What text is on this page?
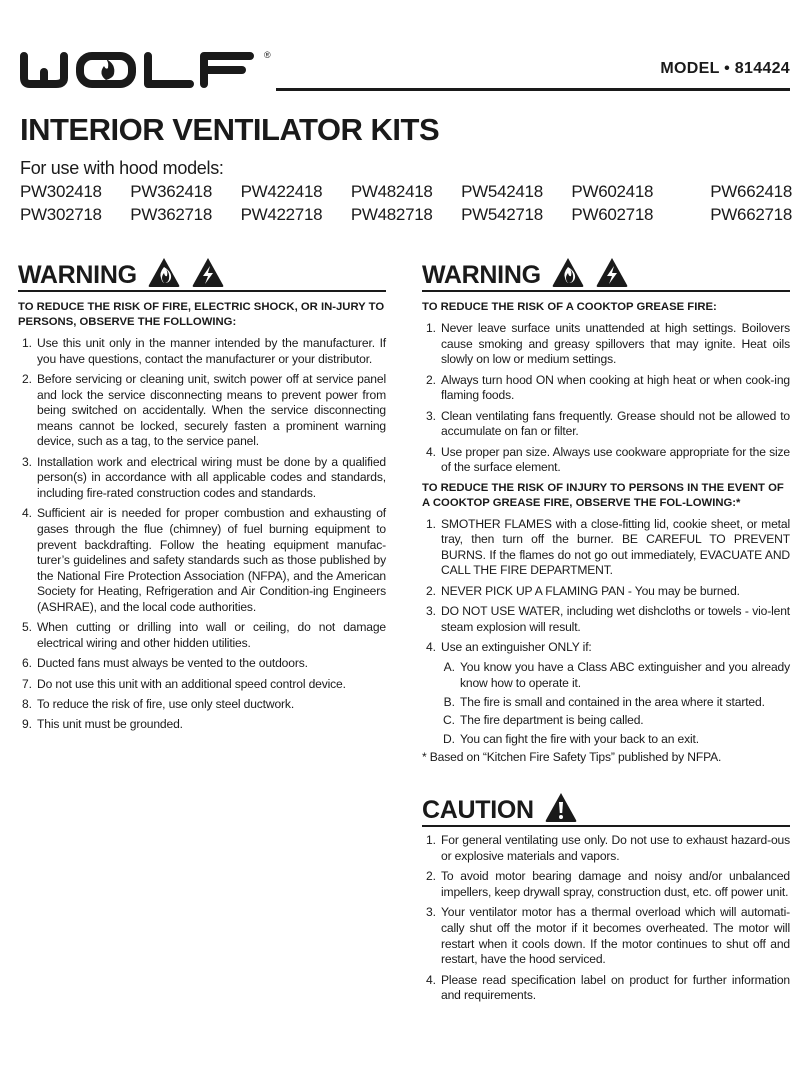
®
MODEL • 814424
INTERIOR VENTILATOR KITS
For use with hood models:
PW302418	PW362418	PW422418	PW482418	PW542418	PW602418	PW662418
PW302718	PW362718	PW422718	PW482718	PW542718	PW602718	PW662718
WARNING
TO REDUCE THE RISK OF FIRE, ELECTRIC SHOCK, OR IN-JURY TO PERSONS, OBSERVE THE FOLLOWING:
1. Use this unit only in the manner intended by the manufacturer. If you have questions, contact the manufacturer or your distributor.
2. Before servicing or cleaning unit, switch power off at service panel and lock the service disconnecting means to prevent power from being switched on accidentally. When the service disconnecting means cannot be locked, securely fasten a prominent warning device, such as a tag, to the service panel.
3. Installation work and electrical wiring must be done by a qualified person(s) in accordance with all applicable codes and standards, including fire-rated construction codes and standards.
4. Sufficient air is needed for proper combustion and exhausting of gases through the flue (chimney) of fuel burning equipment to prevent backdrafting. Follow the heating equipment manufac-turer’s guidelines and safety standards such as those published by the National Fire Protection Association (NFPA), and the American Society for Heating, Refrigeration and Air Condition-ing Engineers (ASHRAE), and the local code authorities.
5. When cutting or drilling into wall or ceiling, do not damage electrical wiring and other hidden utilities.
6. Ducted fans must always be vented to the outdoors.
7. Do not use this unit with an additional speed control device.
8. To reduce the risk of fire, use only steel ductwork.
9. This unit must be grounded.
WARNING
TO REDUCE THE RISK OF A COOKTOP GREASE FIRE:
1. Never leave surface units unattended at high settings. Boilovers cause smoking and greasy spillovers that may ignite. Heat oils slowly on low or medium settings.
2. Always turn hood ON when cooking at high heat or when cook-ing flaming foods.
3. Clean ventilating fans frequently. Grease should not be allowed to accumulate on fan or filter.
4. Use proper pan size. Always use cookware appropriate for the size of the surface element.
TO REDUCE THE RISK OF INJURY TO PERSONS IN THE EVENT OF A COOKTOP GREASE FIRE, OBSERVE THE FOL-LOWING:*
1. SMOTHER FLAMES with a close-fitting lid, cookie sheet, or metal tray, then turn off the burner. BE CAREFUL TO PREVENT BURNS. If the flames do not go out immediately, EVACUATE AND CALL THE FIRE DEPARTMENT.
2. NEVER PICK UP A FLAMING PAN - You may be burned.
3. DO NOT USE WATER, including wet dishcloths or towels - vio-lent steam explosion will result.
4. Use an extinguisher ONLY if:
A. You know you have a Class ABC extinguisher and you already know how to operate it.
B. The fire is small and contained in the area where it started.
C. The fire department is being called.
D. You can fight the fire with your back to an exit.
* Based on “Kitchen Fire Safety Tips” published by NFPA.
CAUTION
1. For general ventilating use only. Do not use to exhaust hazard-ous or explosive materials and vapors.
2. To avoid motor bearing damage and noisy and/or unbalanced impellers, keep drywall spray, construction dust, etc. off power unit.
3. Your ventilator motor has a thermal overload which will automati-cally shut off the motor if it becomes overheated. The motor will restart when it cools down. If the motor continues to shut off and restart, have the hood serviced.
4. Please read specification label on product for further information and requirements.
